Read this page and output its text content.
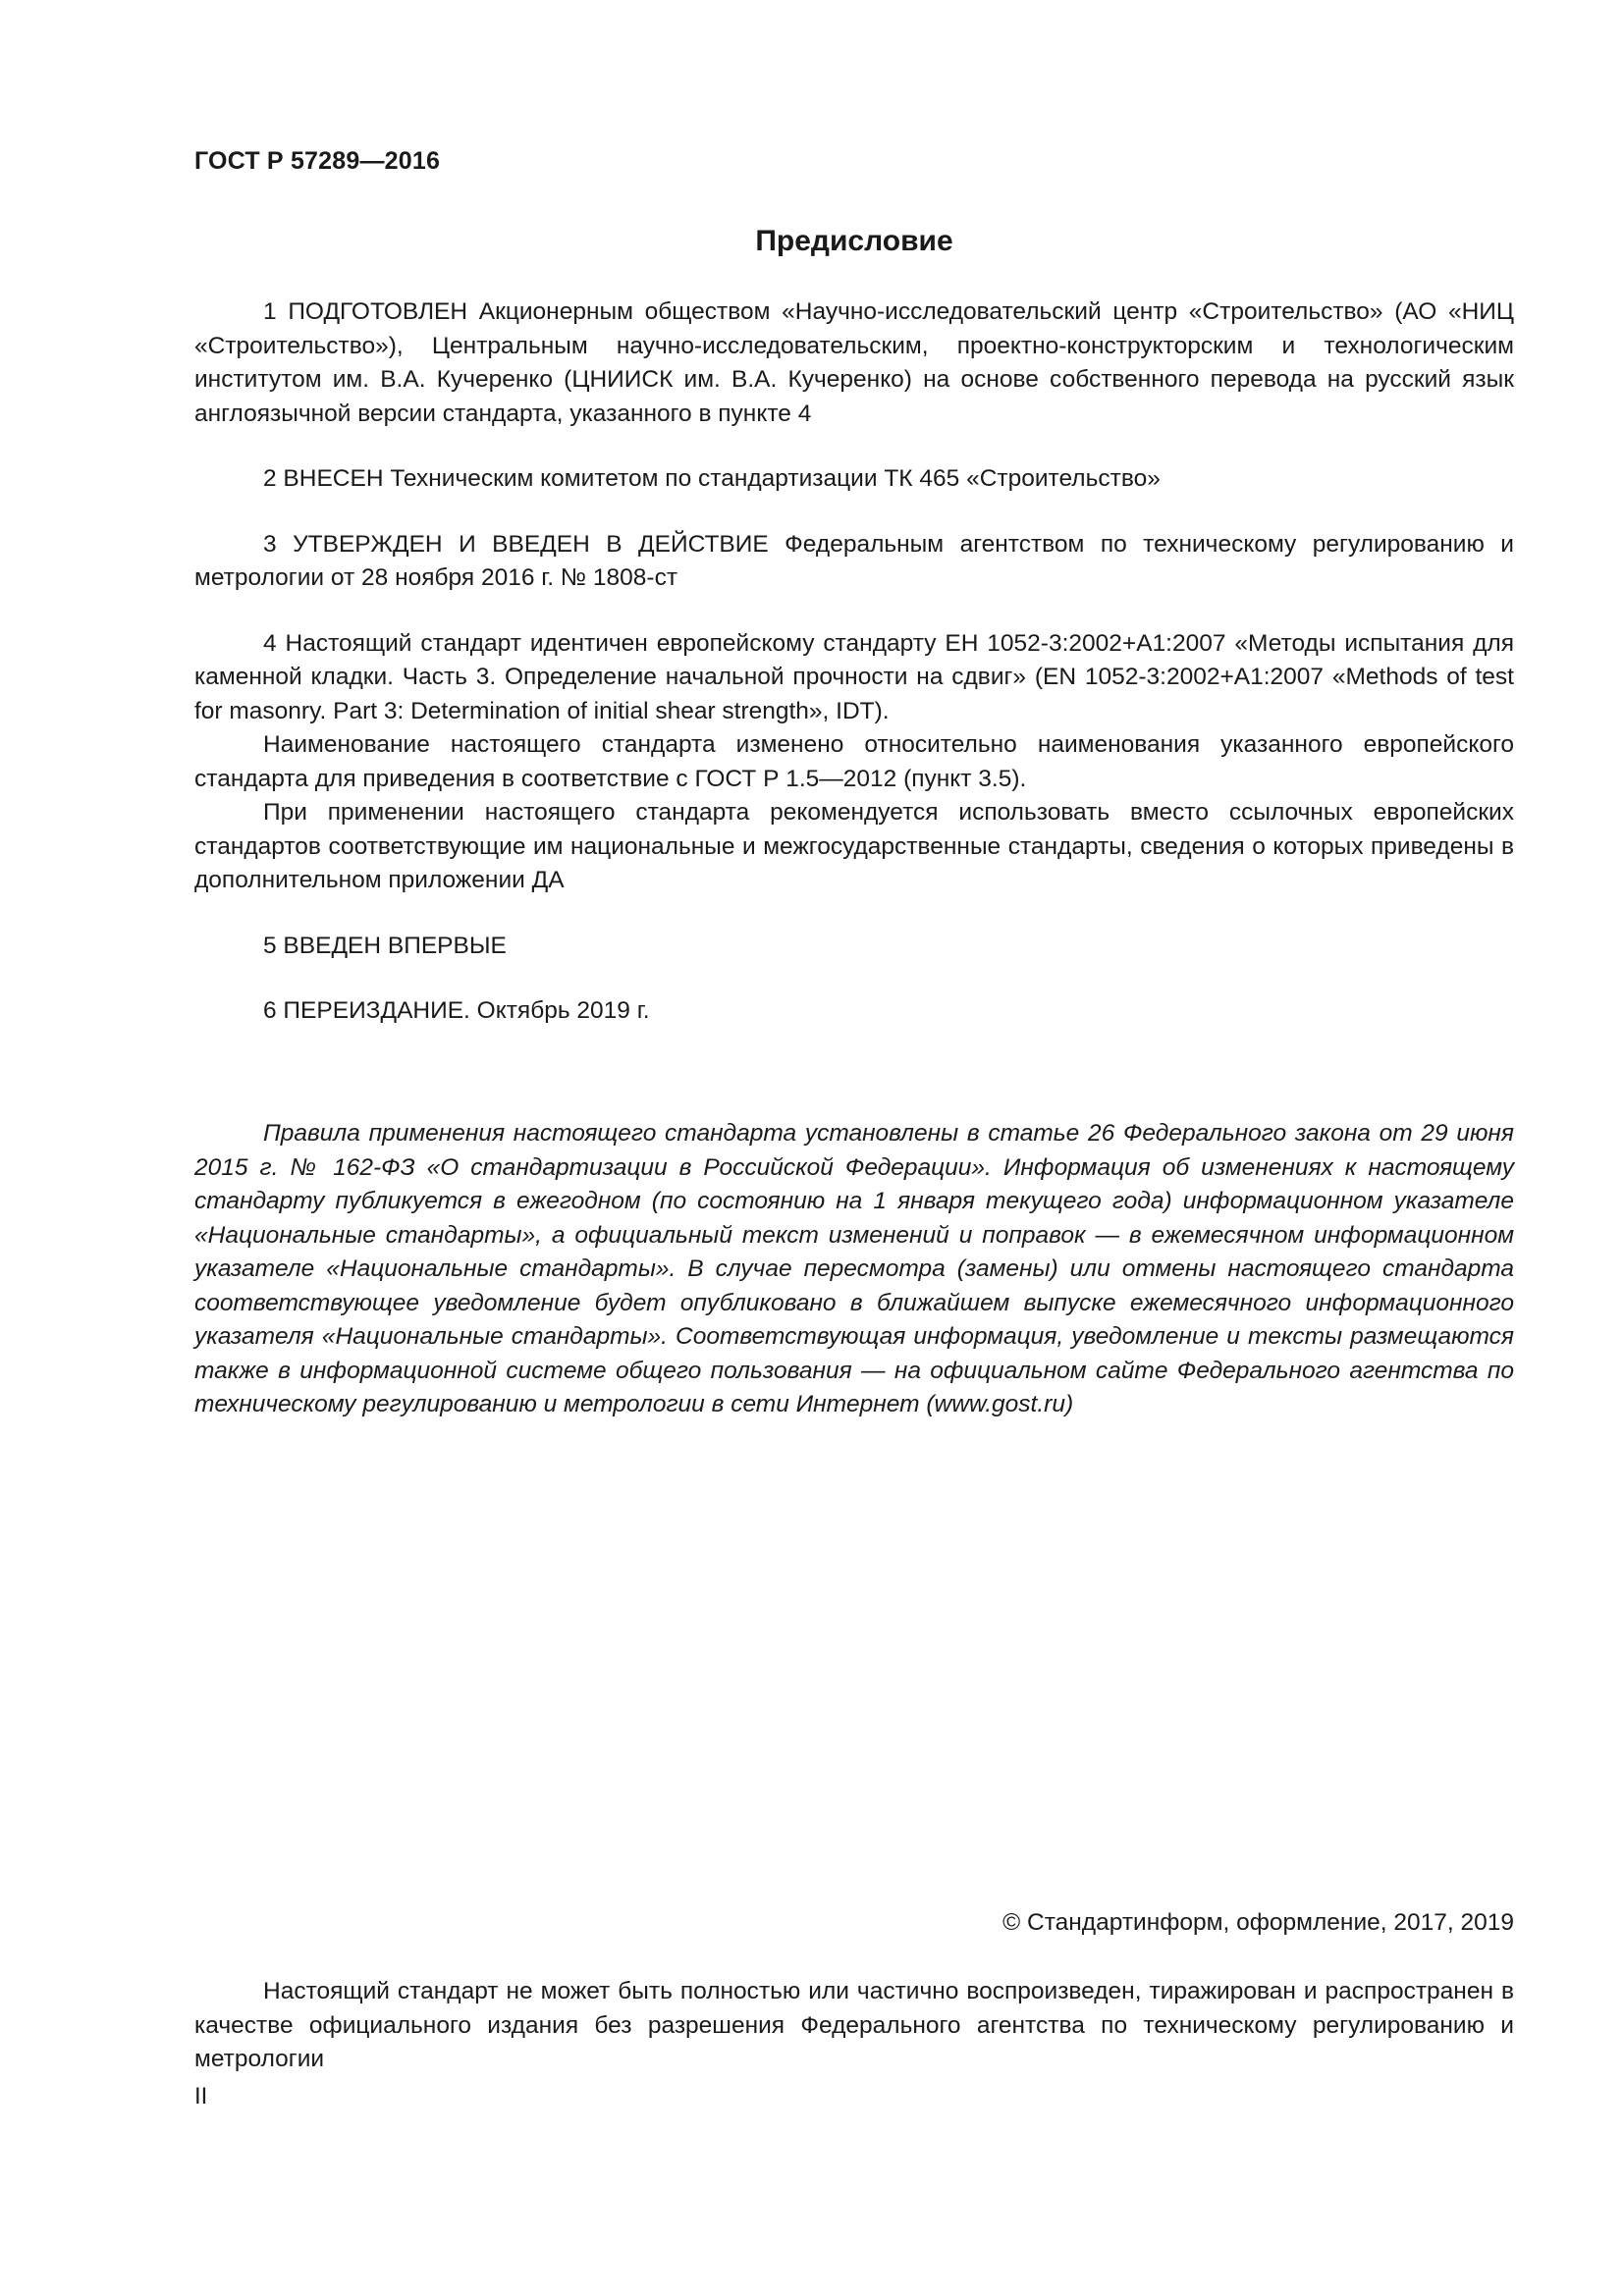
ГОСТ Р 57289—2016
Предисловие

1 ПОДГОТОВЛЕН Акционерным обществом «Научно-исследовательский центр «Строительство» (АО «НИЦ «Строительство»), Центральным научно-исследовательским, проектно-конструкторским и технологическим институтом им. В.А. Кучеренко (ЦНИИСК им. В.А. Кучеренко) на основе собственного перевода на русский язык англоязычной версии стандарта, указанного в пункте 4

2 ВНЕСЕН Техническим комитетом по стандартизации ТК 465 «Строительство»

3 УТВЕРЖДЕН И ВВЕДЕН В ДЕЙСТВИЕ Федеральным агентством по техническому регулированию и метрологии от 28 ноября 2016 г. № 1808-ст

4 Настоящий стандарт идентичен европейскому стандарту ЕН 1052-3:2002+А1:2007 «Методы испытания для каменной кладки. Часть 3. Определение начальной прочности на сдвиг» (EN 1052-3:2002+A1:2007 «Methods of test for masonry. Part 3: Determination of initial shear strength», IDT).

Наименование настоящего стандарта изменено относительно наименования указанного европейского стандарта для приведения в соответствие с ГОСТ Р 1.5—2012 (пункт 3.5).

При применении настоящего стандарта рекомендуется использовать вместо ссылочных европейских стандартов соответствующие им национальные и межгосударственные стандарты, сведения о которых приведены в дополнительном приложении ДА

5 ВВЕДЕН ВПЕРВЫЕ

6 ПЕРЕИЗДАНИЕ. Октябрь 2019 г.

Правила применения настоящего стандарта установлены в статье 26 Федерального закона от 29 июня 2015 г. № 162-ФЗ «О стандартизации в Российской Федерации». Информация об изменениях к настоящему стандарту публикуется в ежегодном (по состоянию на 1 января текущего года) информационном указателе «Национальные стандарты», а официальный текст изменений и поправок — в ежемесячном информационном указателе «Национальные стандарты». В случае пересмотра (замены) или отмены настоящего стандарта соответствующее уведомление будет опубликовано в ближайшем выпуске ежемесячного информационного указателя «Национальные стандарты». Соответствующая информация, уведомление и тексты размещаются также в информационной системе общего пользования — на официальном сайте Федерального агентства по техническому регулированию и метрологии в сети Интернет (www.gost.ru)

© Стандартинформ, оформление, 2017, 2019

Настоящий стандарт не может быть полностью или частично воспроизведен, тиражирован и распространен в качестве официального издания без разрешения Федерального агентства по техническому регулированию и метрологии

II
